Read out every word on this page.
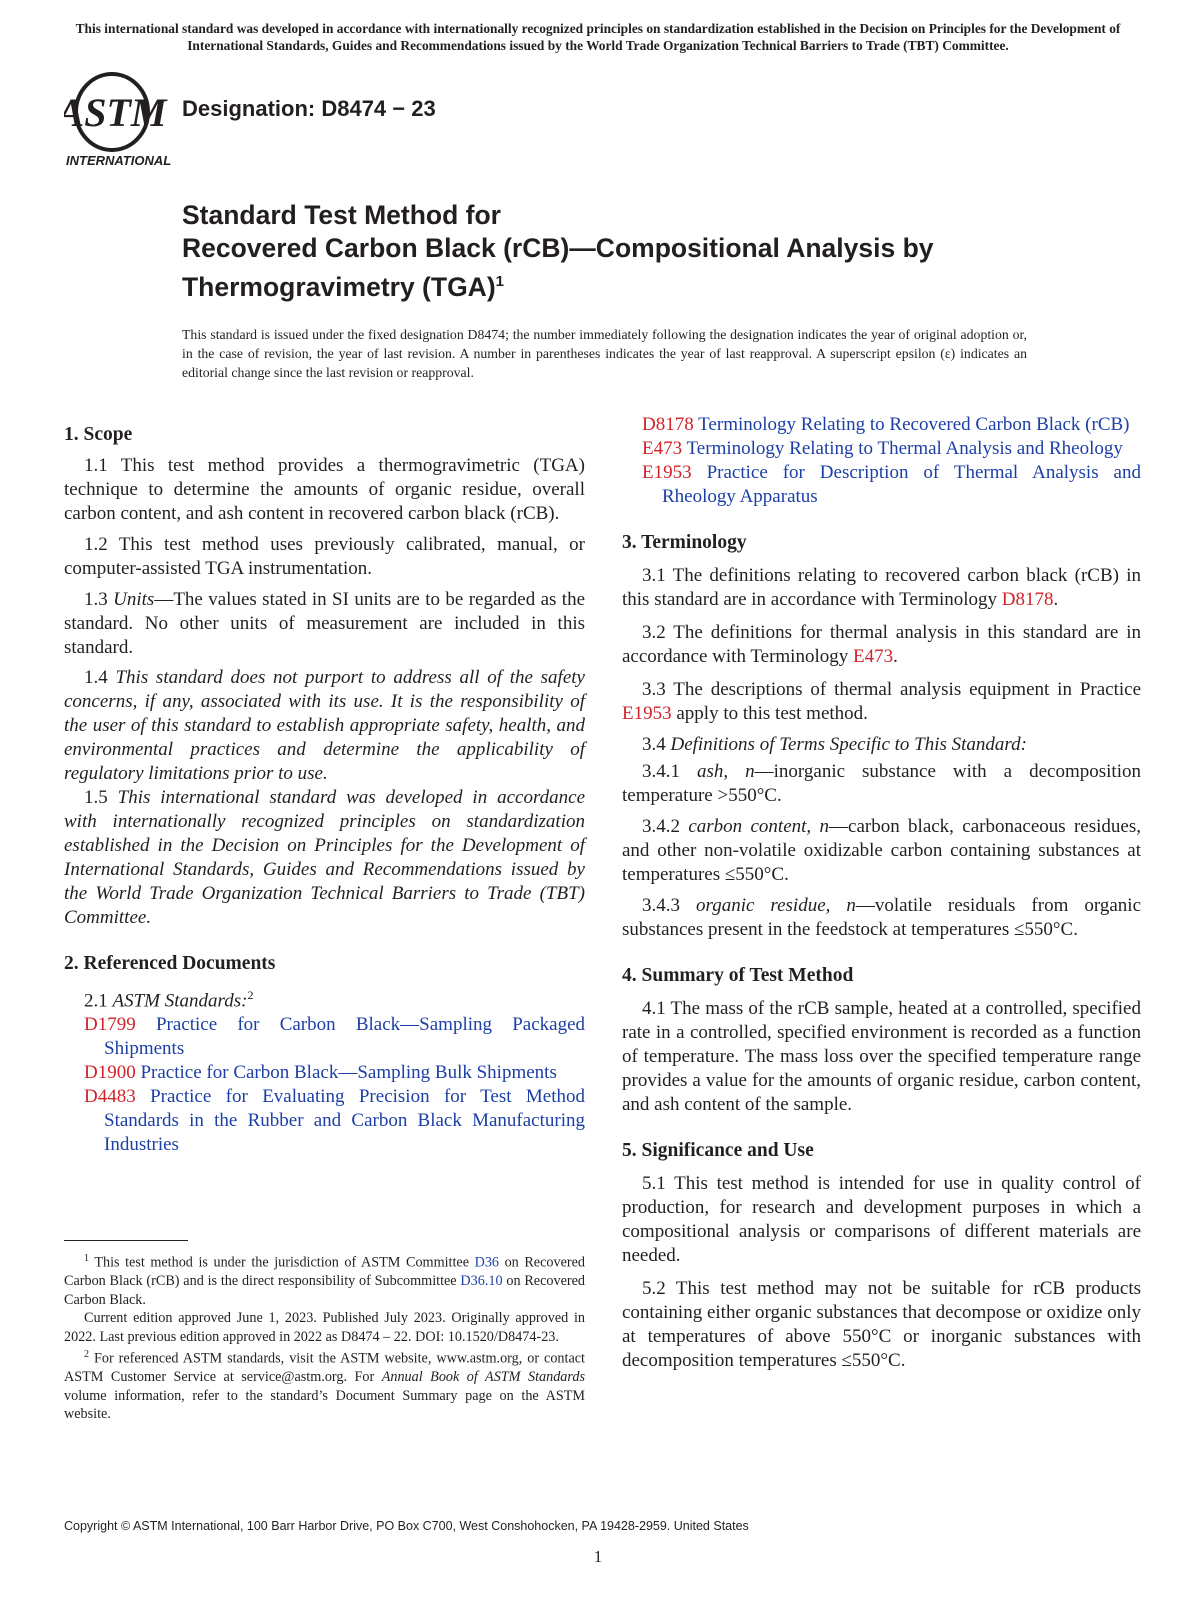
This international standard was developed in accordance with internationally recognized principles on standardization established in the Decision on Principles for the Development of International Standards, Guides and Recommendations issued by the World Trade Organization Technical Barriers to Trade (TBT) Committee.
ASTM
INTERNATIONAL
Designation: D8474 − 23
Standard Test Method for
Recovered Carbon Black (rCB)—Compositional Analysis by
Thermogravimetry (TGA)$^1$
This standard is issued under the fixed designation D8474; the number immediately following the designation indicates the year of original adoption or, in the case of revision, the year of last revision. A number in parentheses indicates the year of last reapproval. A superscript epsilon (ε) indicates an editorial change since the last revision or reapproval.
1. Scope

1.1 This test method provides a thermogravimetric (TGA) technique to determine the amounts of organic residue, overall carbon content, and ash content in recovered carbon black (rCB).

1.2 This test method uses previously calibrated, manual, or computer-assisted TGA instrumentation.

1.3 Units—The values stated in SI units are to be regarded as the standard. No other units of measurement are included in this standard.

1.4 This standard does not purport to address all of the safety concerns, if any, associated with its use. It is the responsibility of the user of this standard to establish appropriate safety, health, and environmental practices and determine the applicability of regulatory limitations prior to use.

1.5 This international standard was developed in accordance with internationally recognized principles on standardization established in the Decision on Principles for the Development of International Standards, Guides and Recommendations issued by the World Trade Organization Technical Barriers to Trade (TBT) Committee.

2. Referenced Documents

2.1 ASTM Standards:$^2$

D1799 Practice for Carbon Black—Sampling Packaged Shipments

D1900 Practice for Carbon Black—Sampling Bulk Shipments

D4483 Practice for Evaluating Precision for Test Method Standards in the Rubber and Carbon Black Manufacturing Industries

D8178 Terminology Relating to Recovered Carbon Black (rCB)

E473 Terminology Relating to Thermal Analysis and Rheology

E1953 Practice for Description of Thermal Analysis and Rheology Apparatus

3. Terminology

3.1 The definitions relating to recovered carbon black (rCB) in this standard are in accordance with Terminology D8178.

3.2 The definitions for thermal analysis in this standard are in accordance with Terminology E473.

3.3 The descriptions of thermal analysis equipment in Practice E1953 apply to this test method.

3.4 Definitions of Terms Specific to This Standard:

3.4.1 ash, n—inorganic substance with a decomposition temperature >550°C.

3.4.2 carbon content, n—carbon black, carbonaceous residues, and other non-volatile oxidizable carbon containing substances at temperatures ≤550°C.

3.4.3 organic residue, n—volatile residuals from organic substances present in the feedstock at temperatures ≤550°C.

4. Summary of Test Method

4.1 The mass of the rCB sample, heated at a controlled, specified rate in a controlled, specified environment is recorded as a function of temperature. The mass loss over the specified temperature range provides a value for the amounts of organic residue, carbon content, and ash content of the sample.

5. Significance and Use

5.1 This test method is intended for use in quality control of production, for research and development purposes in which a compositional analysis or comparisons of different materials are needed.

5.2 This test method may not be suitable for rCB products containing either organic substances that decompose or oxidize only at temperatures of above 550°C or inorganic substances with decomposition temperatures ≤550°C.

$^1$ This test method is under the jurisdiction of ASTM Committee D36 on Recovered Carbon Black (rCB) and is the direct responsibility of Subcommittee D36.10 on Recovered Carbon Black.

Current edition approved June 1, 2023. Published July 2023. Originally approved in 2022. Last previous edition approved in 2022 as D8474 – 22. DOI: 10.1520/D8474-23.

$^2$ For referenced ASTM standards, visit the ASTM website, www.astm.org, or contact ASTM Customer Service at service@astm.org. For Annual Book of ASTM Standards volume information, refer to the standard’s Document Summary page on the ASTM website.

Copyright © ASTM International, 100 Barr Harbor Drive, PO Box C700, West Conshohocken, PA 19428-2959. United States
1
